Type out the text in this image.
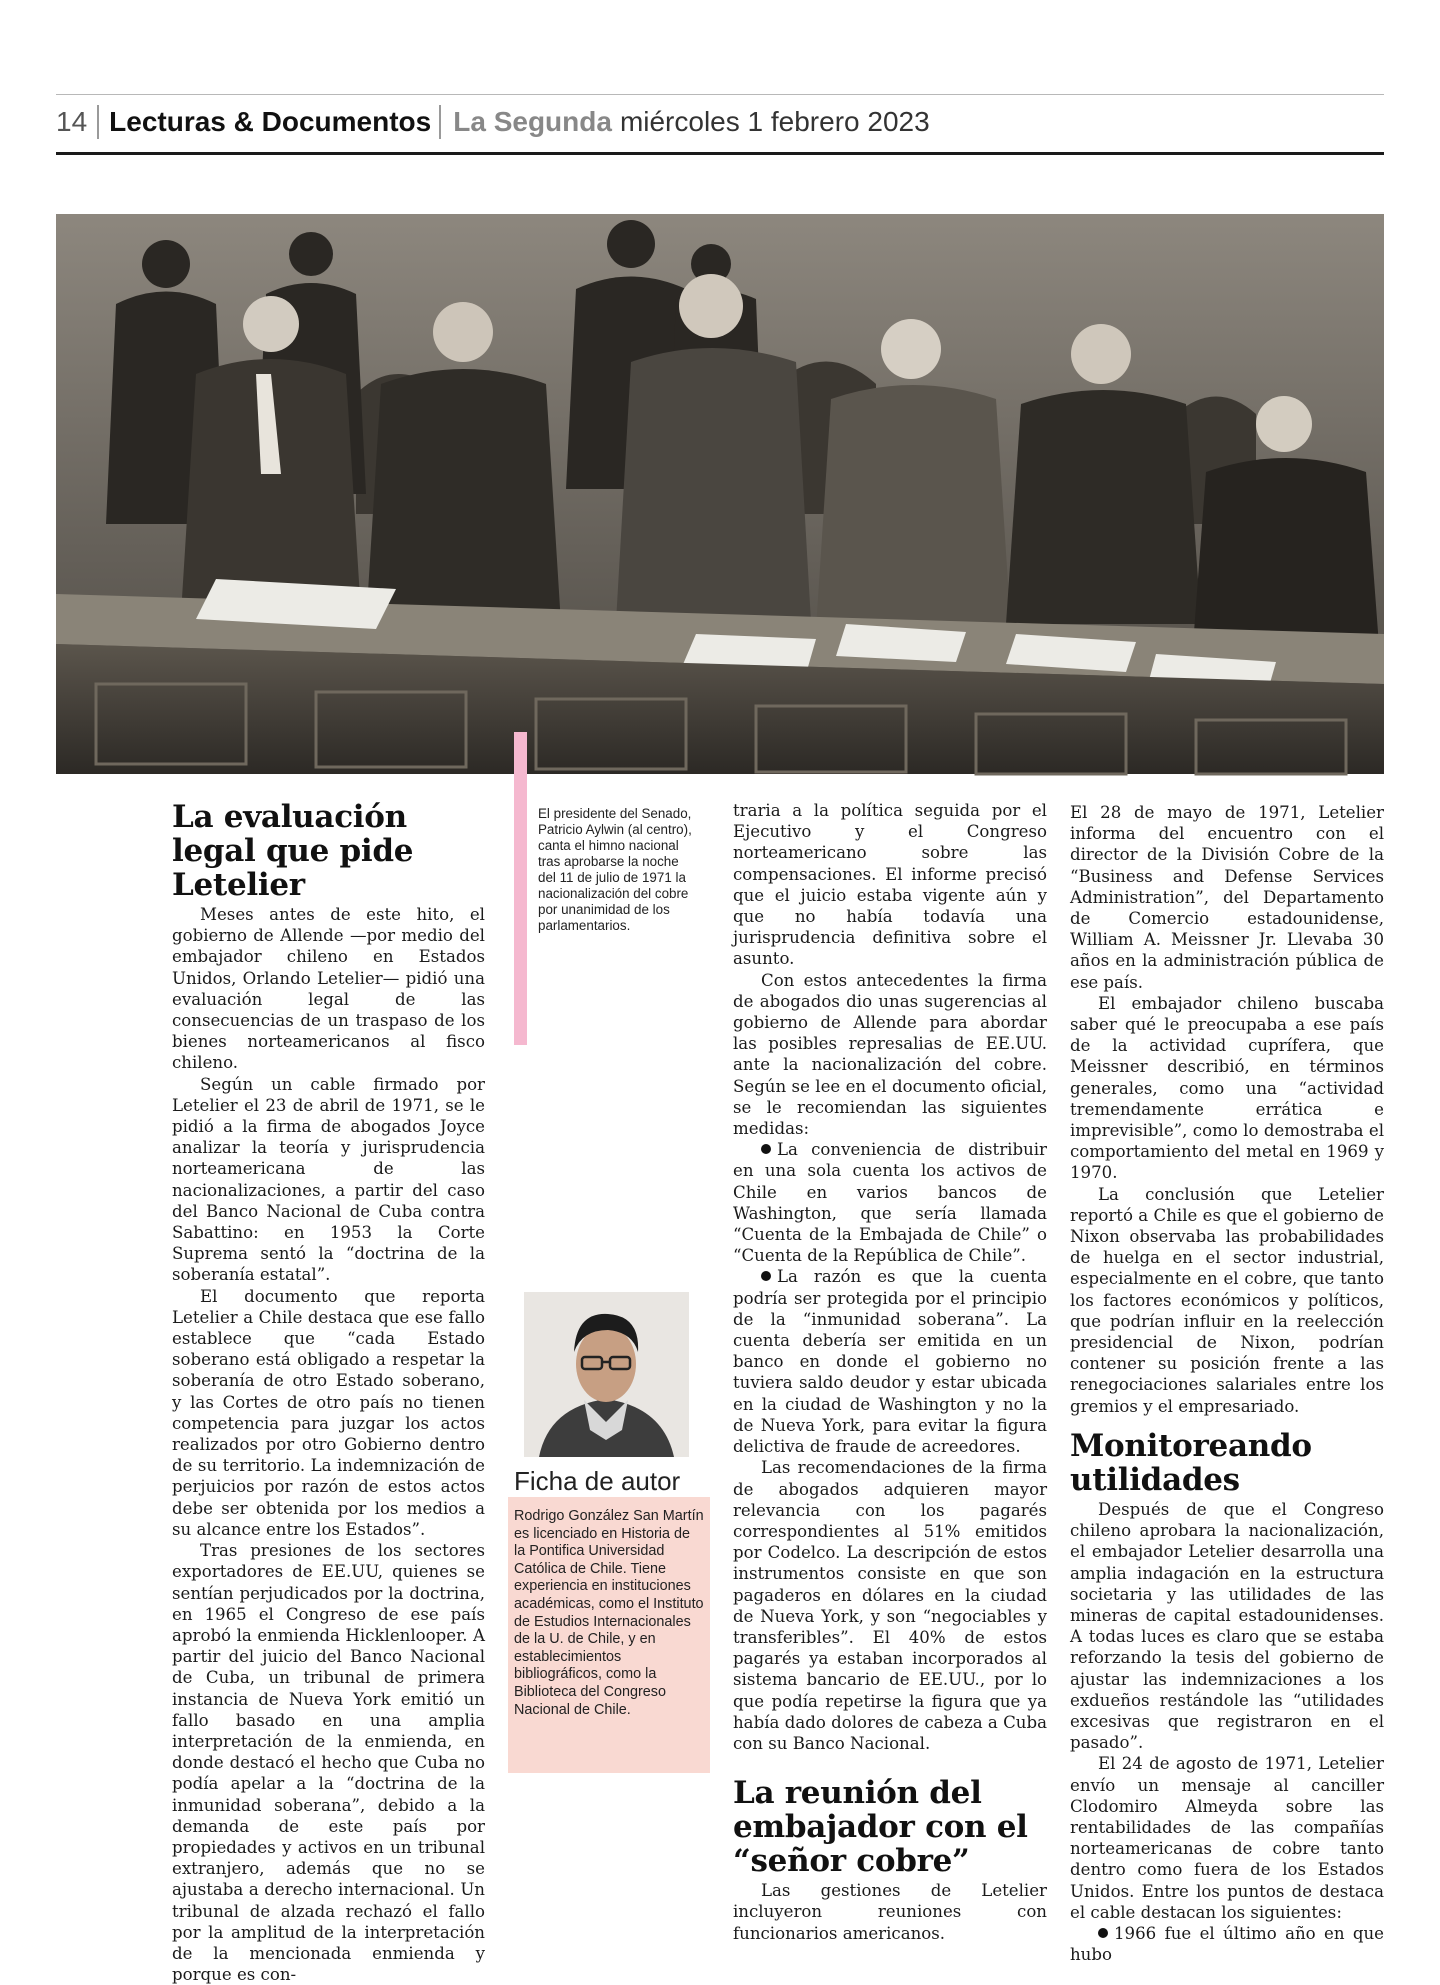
14 Lecturas & Documentos La Segunda miércoles 1 febrero 2023
La evaluación legal que pide Letelier

Meses antes de este hito, el gobierno de Allende —por medio del embajador chileno en Estados Unidos, Orlando Letelier— pidió una evaluación legal de las consecuencias de un traspaso de los bienes norteamericanos al fisco chileno.

Según un cable firmado por Letelier el 23 de abril de 1971, se le pidió a la firma de abogados Joyce analizar la teoría y jurisprudencia norteamericana de las nacionalizaciones, a partir del caso del Banco Nacional de Cuba contra Sabattino: en 1953 la Corte Suprema sentó la “doctrina de la soberanía estatal”.

El documento que reporta Letelier a Chile destaca que ese fallo establece que “cada Estado soberano está obligado a respetar la soberanía de otro Estado soberano, y las Cortes de otro país no tienen competencia para juzgar los actos realizados por otro Gobierno dentro de su territorio. La indemnización de perjuicios por razón de estos actos debe ser obtenida por los medios a su alcance entre los Estados”.

Tras presiones de los sectores exportadores de EE.UU, quienes se sentían perjudicados por la doctrina, en 1965 el Congreso de ese país aprobó la enmienda Hicklenlooper. A partir del juicio del Banco Nacional de Cuba, un tribunal de primera instancia de Nueva York emitió un fallo basado en una amplia interpretación de la enmienda, en donde destacó el hecho que Cuba no podía apelar a la “doctrina de la inmunidad soberana”, debido a la demanda de este país por propiedades y activos en un tribunal extranjero, además que no se ajustaba a derecho internacional. Un tribunal de alzada rechazó el fallo por la amplitud de la interpretación de la mencionada enmienda y porque es con-

El presidente del Senado, Patricio Aylwin (al centro), canta el himno nacional tras aprobarse la noche del 11 de julio de 1971 la nacionalización del cobre por unanimidad de los parlamentarios.
Ficha de autor
Rodrigo González San Martín es licenciado en Historia de la Pontifica Universidad Católica de Chile. Tiene experiencia en instituciones académicas, como el Instituto de Estudios Internacionales de la U. de Chile, y en establecimientos bibliográficos, como la Biblioteca del Congreso Nacional de Chile.

traria a la política seguida por el Ejecutivo y el Congreso norteamericano sobre las compensaciones. El informe precisó que el juicio estaba vigente aún y que no había todavía una jurisprudencia definitiva sobre el asunto.

Con estos antecedentes la firma de abogados dio unas sugerencias al gobierno de Allende para abordar las posibles represalias de EE.UU. ante la nacionalización del cobre. Según se lee en el documento oficial, se le recomiendan las siguientes medidas:

La conveniencia de distribuir en una sola cuenta los activos de Chile en varios bancos de Washington, que sería llamada “Cuenta de la Embajada de Chile” o “Cuenta de la República de Chile”.

La razón es que la cuenta podría ser protegida por el principio de la “inmunidad soberana”. La cuenta debería ser emitida en un banco en donde el gobierno no tuviera saldo deudor y estar ubicada en la ciudad de Washington y no la de Nueva York, para evitar la figura delictiva de fraude de acreedores.

Las recomendaciones de la firma de abogados adquieren mayor relevancia con los pagarés correspondientes al 51% emitidos por Codelco. La descripción de estos instrumentos consiste en que son pagaderos en dólares en la ciudad de Nueva York, y son “negociables y transferibles”. El 40% de estos pagarés ya estaban incorporados al sistema bancario de EE.UU., por lo que podía repetirse la figura que ya había dado dolores de cabeza a Cuba con su Banco Nacional.

La reunión del embajador con el “señor cobre”

Las gestiones de Letelier incluyeron reuniones con funcionarios americanos.

El 28 de mayo de 1971, Letelier informa del encuentro con el director de la División Cobre de la “Business and Defense Services Administration”, del Departamento de Comercio estadounidense, William A. Meissner Jr. Llevaba 30 años en la administración pública de ese país.

El embajador chileno buscaba saber qué le preocupaba a ese país de la actividad cuprífera, que Meissner describió, en términos generales, como una “actividad tremendamente errática e imprevisible”, como lo demostraba el comportamiento del metal en 1969 y 1970.

La conclusión que Letelier reportó a Chile es que el gobierno de Nixon observaba las probabilidades de huelga en el sector industrial, especialmente en el cobre, que tanto los factores económicos y políticos, que podrían influir en la reelección presidencial de Nixon, podrían contener su posición frente a las renegociaciones salariales entre los gremios y el empresariado.

Monitoreando utilidades

Después de que el Congreso chileno aprobara la nacionalización, el embajador Letelier desarrolla una amplia indagación en la estructura societaria y las utilidades de las mineras de capital estadounidenses. A todas luces es claro que se estaba reforzando la tesis del gobierno de ajustar las indemnizaciones a los exdueños restándole las “utilidades excesivas que registraron en el pasado”.

El 24 de agosto de 1971, Letelier envío un mensaje al canciller Clodomiro Almeyda sobre las rentabilidades de las compañías norteamericanas de cobre tanto dentro como fuera de los Estados Unidos. Entre los puntos de destaca el cable destacan los siguientes:

1966 fue el último año en que hubo
